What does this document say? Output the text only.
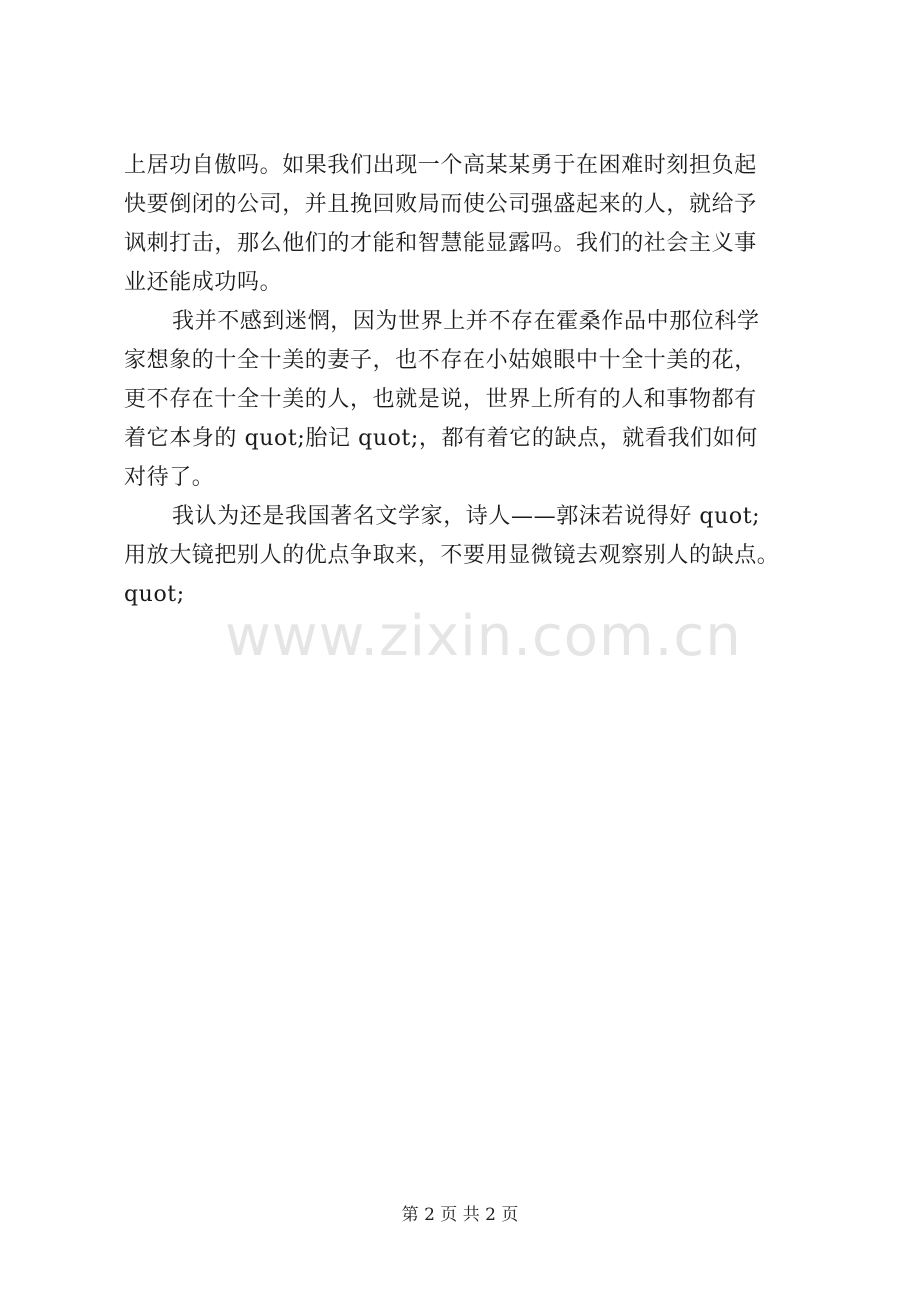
上居功自傲吗。如果我们出现一个高某某勇于在困难时刻担负起
快要倒闭的公司，并且挽回败局而使公司强盛起来的人，就给予
讽刺打击，那么他们的才能和智慧能显露吗。我们的社会主义事
业还能成功吗。
我并不感到迷惘，因为世界上并不存在霍桑作品中那位科学
家想象的十全十美的妻子，也不存在小姑娘眼中十全十美的花，
更不存在十全十美的人，也就是说，世界上所有的人和事物都有
着它本身的 quot;胎记 quot;，都有着它的缺点，就看我们如何
对待了。
我认为还是我国著名文学家，诗人——郭沫若说得好 quot;
用放大镜把别人的优点争取来，不要用显微镜去观察别人的缺点。
quot;
www.zixin.com.cn
第 2 页 共 2 页
